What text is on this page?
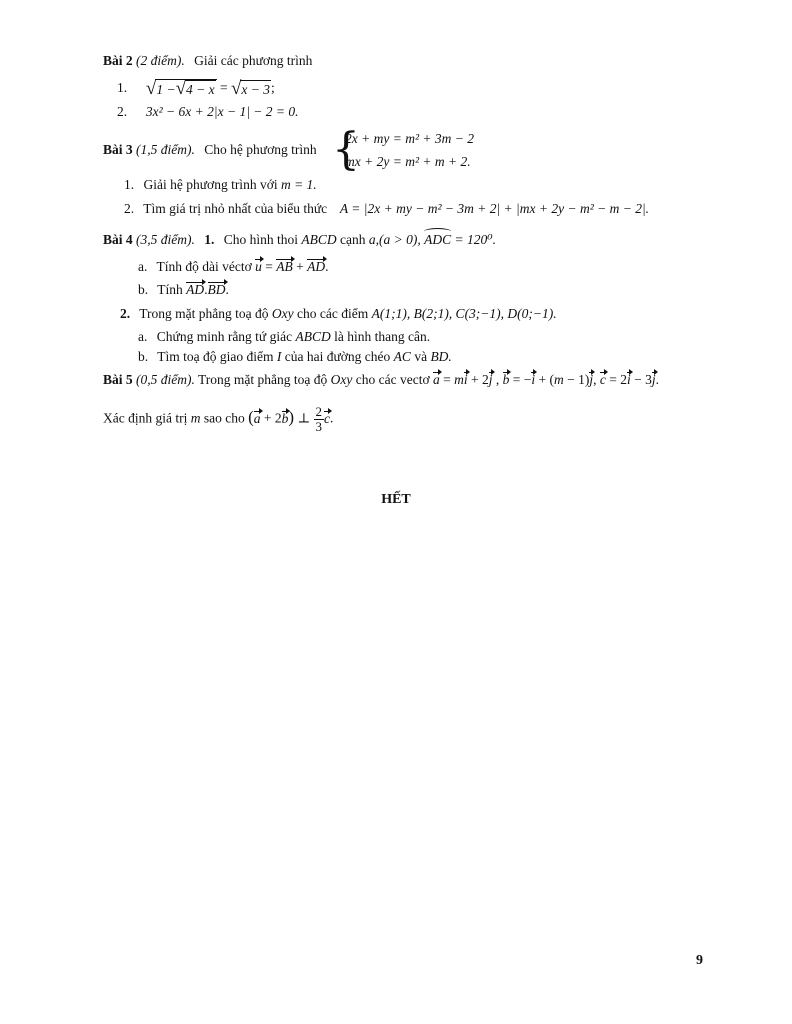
Bài 2 (2 điểm). Giải các phương trình
1. √ 1 − √ 4 − x = √ x − 3 ;
2. 3x² − 6x + 2|x − 1| − 2 = 0.
Bài 3 (1,5 điểm). Cho hệ phương trình {
2x + my = m² + 3m − 2
mx + 2y = m² + m + 2.
1. Giải hệ phương trình với m = 1.
2. Tìm giá trị nhỏ nhất của biểu thức  A = |2x + my − m² − 3m + 2| + |mx + 2y − m² − m − 2|.
Bài 4 (3,5 điểm). 1. Cho hình thoi ABCD cạnh a,(a > 0), ADC = 120⁰.
a. Tính độ dài véctơ u = AB + AD.
b. Tính AD.BD.
2. Trong mặt phẳng toạ độ Oxy cho các điểm A(1;1), B(2;1), C(3;−1), D(0;−1).
a. Chứng minh rằng tứ giác ABCD là hình thang cân.
b. Tìm toạ độ giao điểm I của hai đường chéo AC và BD.
Bài 5 (0,5 điểm). Trong mặt phẳng toạ độ Oxy cho các vectơ a = mi + 2j , b = −i + (m − 1)j, c = 2i − 3j.
Xác định giá trị m sao cho (a + 2b) ⊥ $\frac{2}{3} c$.
HẾT
9
